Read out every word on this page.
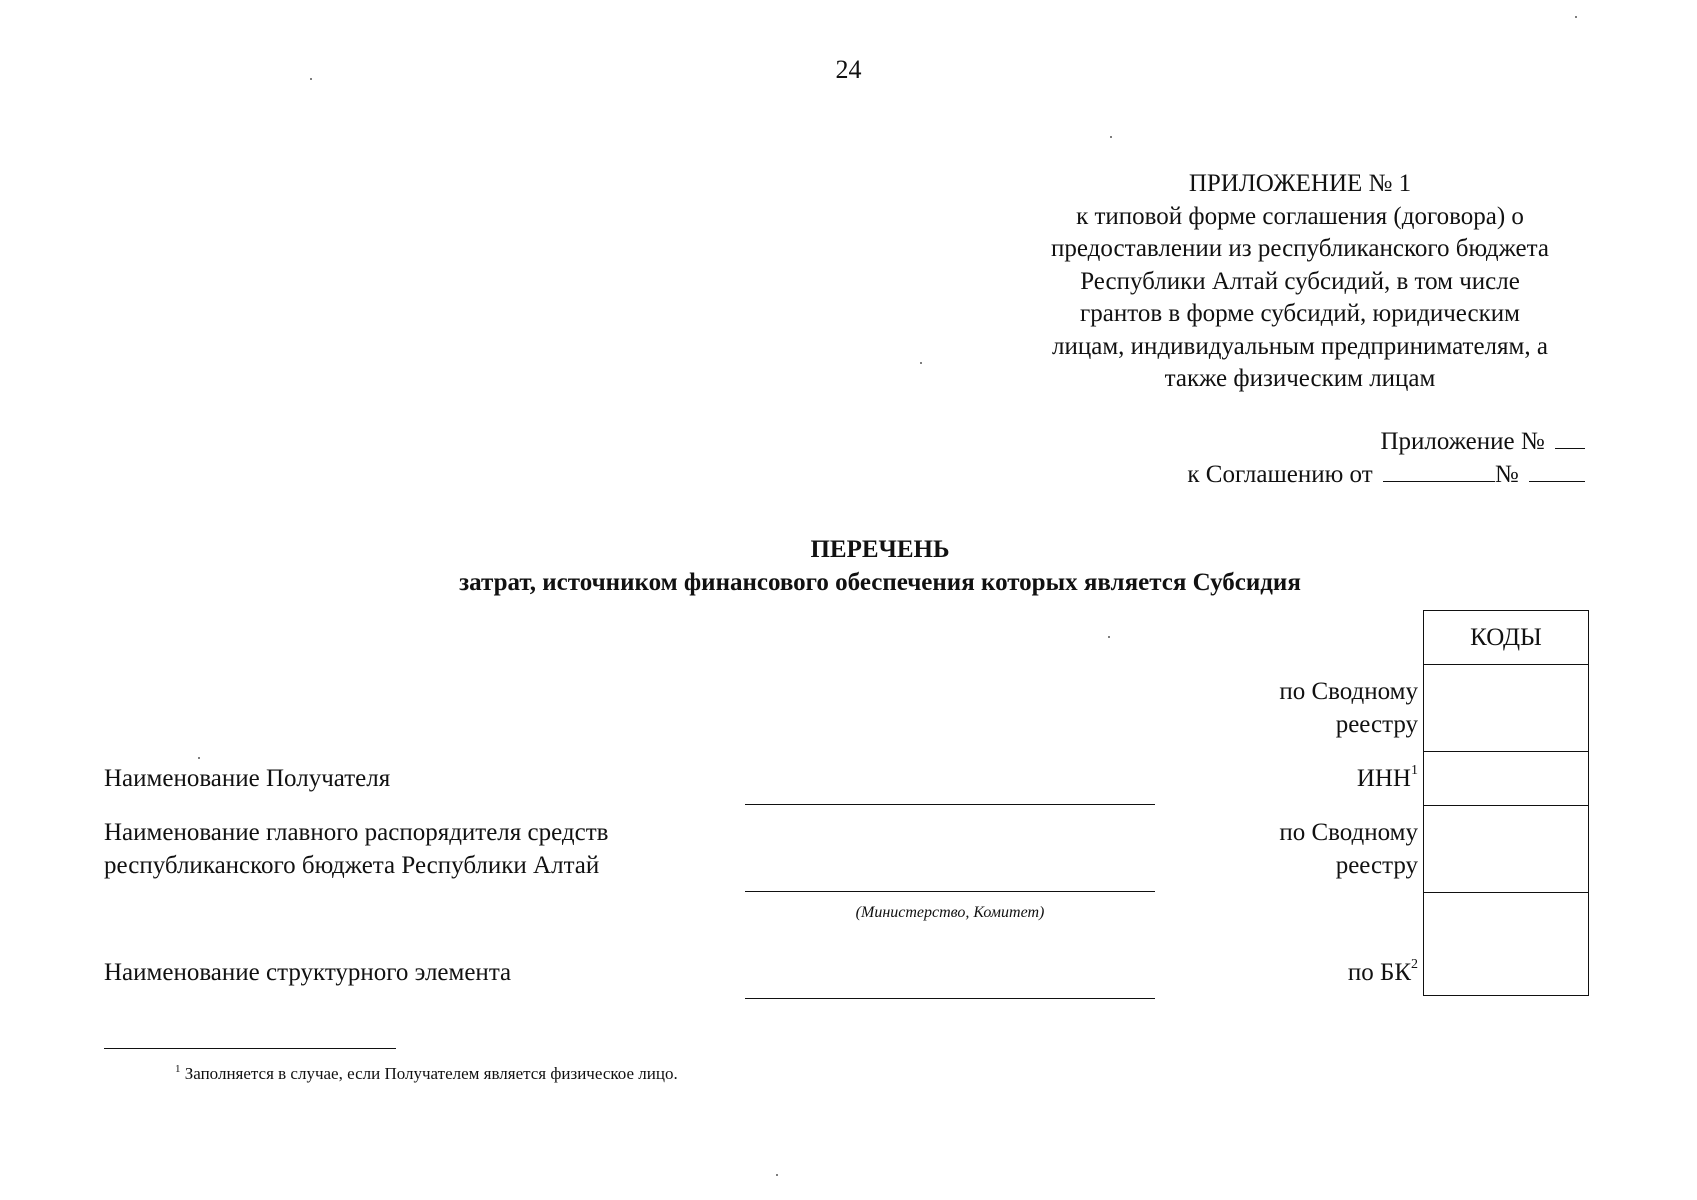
24
ПРИЛОЖЕНИЕ № 1
к типовой форме соглашения (договора) о
предоставлении из республиканского бюджета
Республики Алтай субсидий, в том числе
грантов в форме субсидий, юридическим
лицам, индивидуальным предпринимателям, а
также физическим лицам
Приложение №
к Соглашению от	№
ПЕРЕЧЕНЬ
затрат, источником финансового обеспечения которых является Субсидия
КОДЫ
по Сводному
реестру
ИНН$^1$
по Сводному
реестру
по $БК^2$
Наименование Получателя
Наименование главного распорядителя средств
республиканского бюджета Республики Алтай
Наименование структурного элемента
(Министерство, Комитет)
$^1$ Заполняется в случае, если Получателем является физическое лицо.
